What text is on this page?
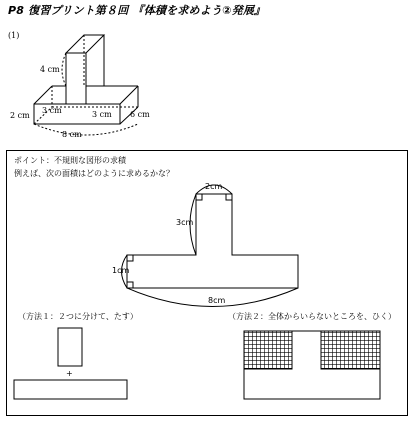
P8 復習プリント第８回 『体積を求めよう②発展』
(1)
4 cm
2 cm
3 cm	3 cm 6 cm
8 cm
ポイント：不規則な図形の求積
例えば、次の面積はどのように求めるかな？
2cm
3cm
1cm
8cm
（方法１：２つに分けて、たす）	（方法２：全体からいらないところを、ひく）
+
